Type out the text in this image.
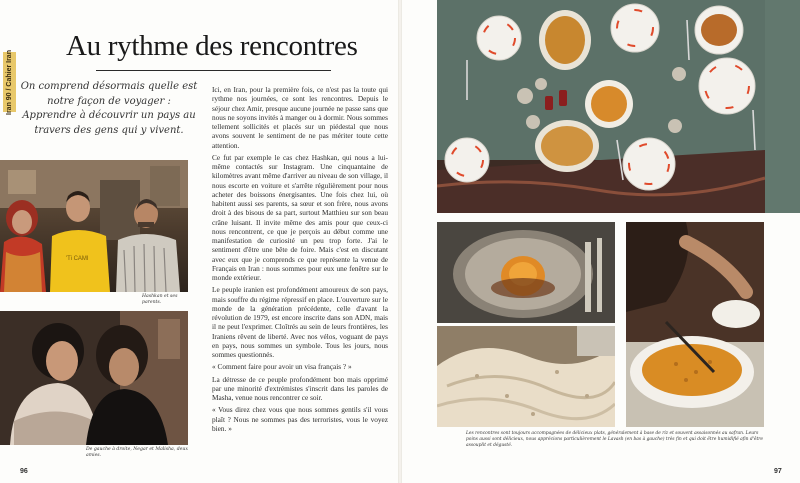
Iran 90 / Cahier Iran
Au rythme des rencontres
On comprend désormais quelle est notre façon de voyager : Apprendre à découvrir un pays au travers des gens qui y vivent.
'Ti CAMI
Hashkan et ses parents.
De gauche à droite, Negar et Malisha, deux amies.

Ici, en Iran, pour la première fois, ce n'est pas la toute qui rythme nos journées, ce sont les rencontres. Depuis le séjour chez Amir, presque aucune journée ne passe sans que nous ne soyons invités à manger ou à dormir. Nous sommes tellement sollicités et placés sur un piédestal que nous avons souvent le sentiment de ne pas mériter toute cette attention.

Ce fut par exemple le cas chez Hashkan, qui nous a lui-même contactés sur Instagram. Une cinquantaine de kilomètres avant même d'arriver au niveau de son village, il nous escorte en voiture et s'arrête régulièrement pour nous acheter des boissons énergisantes. Une fois chez lui, où habitent aussi ses parents, sa sœur et son frère, nous avons droit à des bisous de sa part, surtout Matthieu sur son beau crâne luisant. Il invite même des amis pour que ceux-ci nous rencontrent, ce que je perçois au début comme une manifestation de curiosité un peu trop forte. J'ai le sentiment d'être une bête de foire. Mais c'est en discutant avec eux que je comprends ce que représente la venue de Français en Iran : nous sommes pour eux une fenêtre sur le monde extérieur.

Le peuple iranien est profondément amoureux de son pays, mais souffre du régime répressif en place. L'ouverture sur le monde de la génération précédente, celle d'avant la révolution de 1979, est encore inscrite dans son ADN, mais il ne peut l'exprimer. Cloîtrés au sein de leurs frontières, les Iraniens rêvent de liberté. Avec nos vélos, voguant de pays en pays, nous sommes un symbole. Tous les jours, nous sommes questionnés.

« Comment faire pour avoir un visa français ? »

La détresse de ce peuple profondément bon mais opprimé par une minorité d'extrémistes s'inscrit dans les paroles de Masha, venue nous rencontrer ce soir.

« Vous direz chez vous que nous sommes gentils s'il vous plaît ? Nous ne sommes pas des terroristes, vous le voyez bien. »

96
Les rencontres sont toujours accompagnées de délicieux plats, généralement à base de riz et souvent assaisonnés au safran. Leurs poins aussi sont délicieux, nous apprécions particulièrement le Lavash (en bas à gauche) très fin et qui doit être humidifié afin d'être assouplit et dégusté.
97
